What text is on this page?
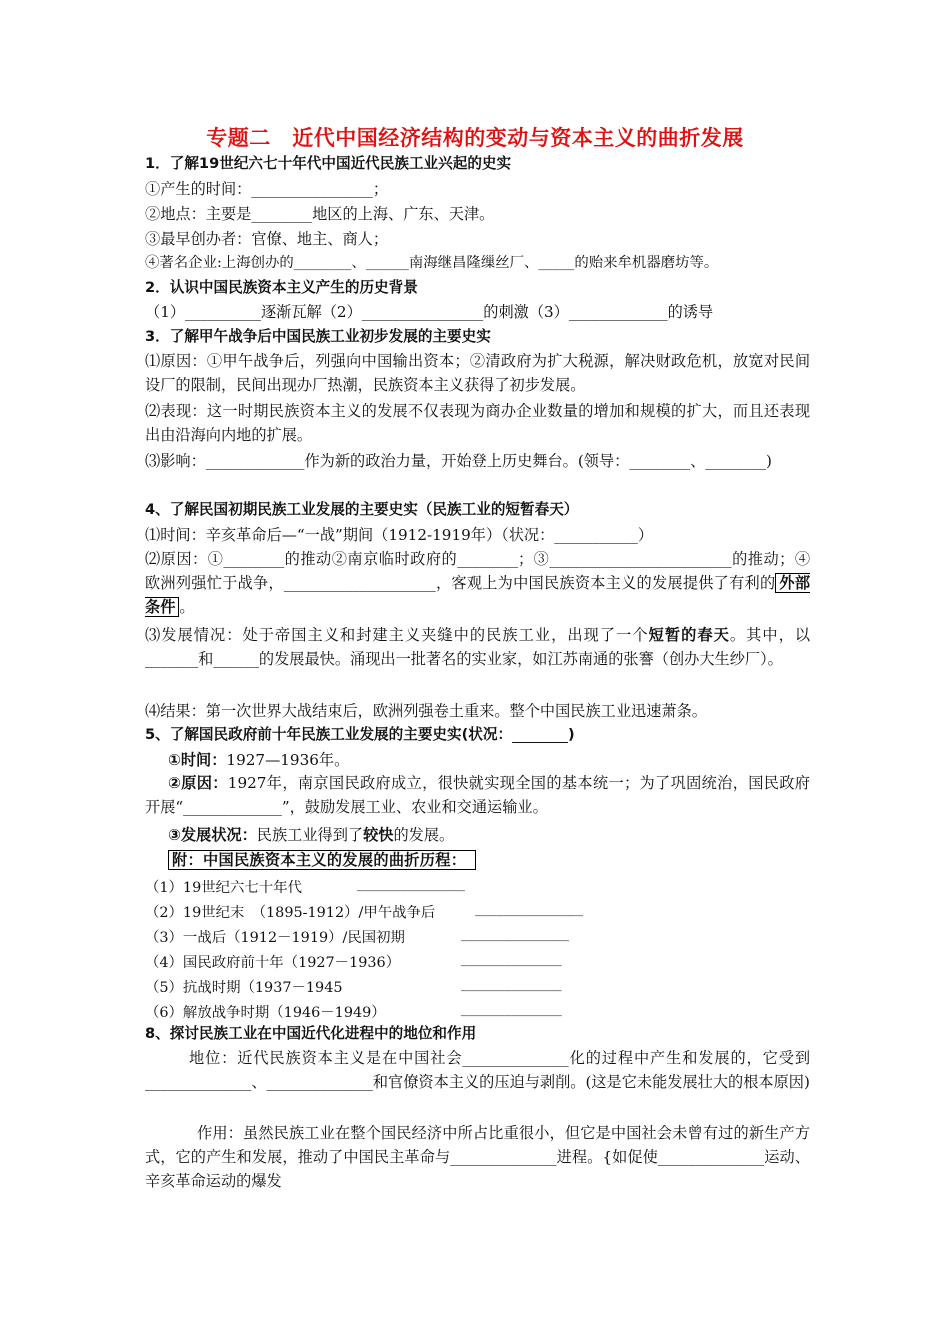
专题二　近代中国经济结构的变动与资本主义的曲折发展
1．了解19世纪六七十年代中国近代民族工业兴起的史实
①产生的时间：________________；
②地点：主要是________地区的上海、广东、天津。
③最早创办者：官僚、地主、商人；
④著名企业:上海创办的________、______南海继昌隆缫丝厂、_____的贻来牟机器磨坊等。
2．认识中国民族资本主义产生的历史背景
（1）__________逐渐瓦解（2）________________的刺激（3）_____________的诱导
3．了解甲午战争后中国民族工业初步发展的主要史实
⑴原因：①甲午战争后，列强向中国输出资本；②清政府为扩大税源，解决财政危机，放宽对民间设厂的限制，民间出现办厂热潮，民族资本主义获得了初步发展。
⑵表现：这一时期民族资本主义的发展不仅表现为商办企业数量的增加和规模的扩大，而且还表现出由沿海向内地的扩展。
⑶影响：_____________作为新的政治力量，开始登上历史舞台。(领导：________、________)
4、了解民国初期民族工业发展的主要史实（民族工业的短暂春天）
⑴时间：辛亥革命后—“一战”期间（1912-1919年）（状况：___________）
⑵原因：①________的推动②南京临时政府的________；③________________________的推动；④欧洲列强忙于战争，____________________，客观上为中国民族资本主义的发展提供了有利的 外部条件 。
⑶发展情况：处于帝国主义和封建主义夹缝中的民族工业，出现了一个短暂的春天。其中，以_______和______的发展最快。涌现出一批著名的实业家，如江苏南通的张謇（创办大生纱厂）。
⑷结果：第一次世界大战结束后，欧洲列强卷土重来。整个中国民族工业迅速萧条。
5、了解国民政府前十年民族工业发展的主要史实(状况：	)
①时间：1927—1936年。
②原因：1927年，南京国民政府成立，很快就实现全国的基本统一；为了巩固统治，国民政府开展“_____________”，鼓励发展工业、农业和交通运输业。
③发展状况：民族工业得到了较快的发展。
附：中国民族资本主义的发展的曲折历程：
（1）19世纪六七十年代	_______________
（2）19世纪末　（1895-1912）/甲午战争后	_______________
（3）一战后（1912－1919）/民国初期	_______________
（4）国民政府前十年（1927－1936）	______________
（5）抗战时期（1937－1945	______________
（6）解放战争时期（1946－1949）	______________
8、探讨民族工业在中国近代化进程中的地位和作用
地位：近代民族资本主义是在中国社会______________化的过程中产生和发展的，它受到______________、______________和官僚资本主义的压迫与剥削。(这是它未能发展壮大的根本原因)
作用：虽然民族工业在整个国民经济中所占比重很小，但它是中国社会未曾有过的新生产方式，它的产生和发展，推动了中国民主革命与______________进程。{如促使______________运动、辛亥革命运动的爆发
